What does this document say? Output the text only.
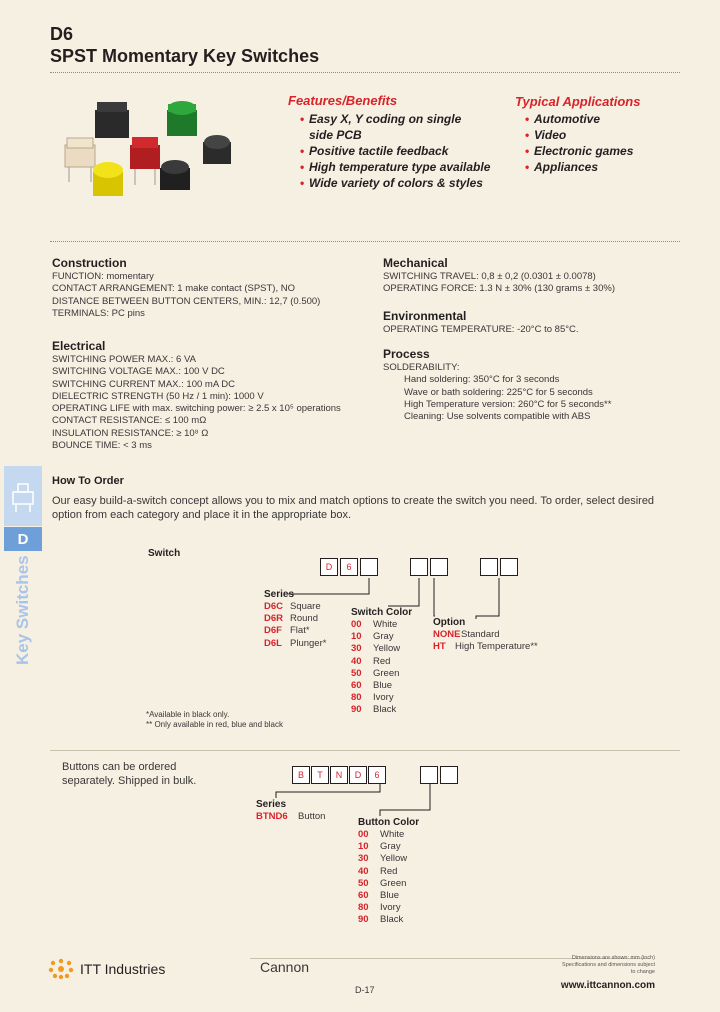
D6
SPST Momentary Key Switches
Features/Benefits
• Easy X, Y coding on single
side PCB
• Positive tactile feedback
• High temperature type available
• Wide variety of colors & styles
Typical Applications
• Automotive
• Video
• Electronic games
• Appliances
Construction
FUNCTION: momentary
CONTACT ARRANGEMENT: 1 make contact (SPST), NO
DISTANCE BETWEEN BUTTON CENTERS, MIN.: 12,7 (0.500)
TERMINALS: PC pins
Electrical
SWITCHING POWER MAX.: 6 VA
SWITCHING VOLTAGE MAX.: 100 V DC
SWITCHING CURRENT MAX.: 100 mA DC
DIELECTRIC STRENGTH (50 Hz / 1 min): 1000 V
OPERATING LIFE with max. switching power: ≥ 2.5 x 10⁵ operations
CONTACT RESISTANCE: ≤ 100 mΩ
INSULATION RESISTANCE: ≥ 10⁸ Ω
BOUNCE TIME: < 3 ms
Mechanical
SWITCHING TRAVEL: 0,8 ± 0,2 (0.0301 ± 0.0078)
OPERATING FORCE: 1.3 N ± 30% (130 grams ± 30%)
Environmental
OPERATING TEMPERATURE: -20°C to 85°C.
Process
SOLDERABILITY:
Hand soldering: 350°C for 3 seconds
Wave or bath soldering: 225°C for 5 seconds
High Temperature version: 260°C for 5 seconds**
Cleaning: Use solvents compatible with ABS
D
Key Switches
How To Order
Our easy build-a-switch concept allows you to mix and match options to create the switch you need. To order, select desired
option from each category and place it in the appropriate box.
Switch
D	6
Series
D6C Square
D6R Round
D6F Flat*
D6L Plunger*
Switch Color
00 White
10 Gray
30 Yellow
40 Red
50 Green
60 Blue
80 Ivory
90 Black
Option
NONEStandard
HT High Temperature**
*Available in black only.
** Only available in red, blue and black
Buttons can be ordered
separately. Shipped in bulk.	B	T	N	D	6
Series
BTND6 Button
Button Color
00 White
10 Gray
30 Yellow
40 Red
50 Green
60 Blue
80 Ivory
90 Black
ITT Industries	Cannon
Dimensions are shown: mm (inch)
Specifications and dimensions subject to change
D-17	www.ittcannon.com
